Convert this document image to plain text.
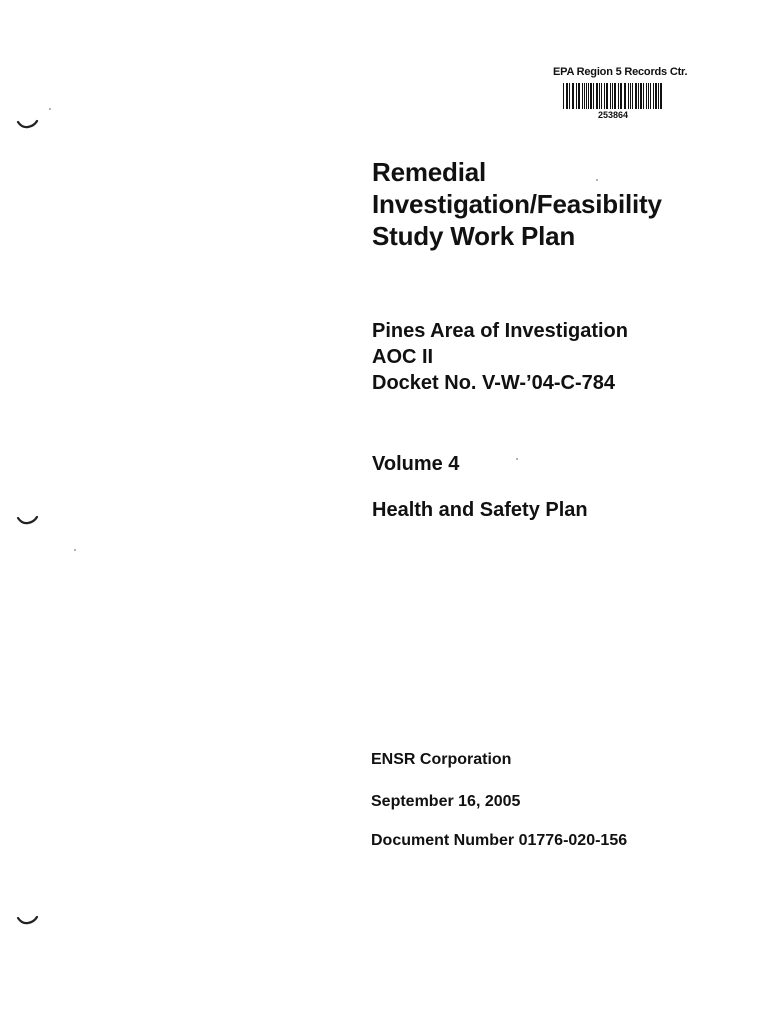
EPA Region 5 Records Ctr.
253864
Remedial
Investigation/Feasibility
Study Work Plan
Pines Area of Investigation
AOC II
Docket No. V-W-’04-C-784
Volume 4
Health and Safety Plan
ENSR Corporation
September 16, 2005
Document Number 01776-020-156
